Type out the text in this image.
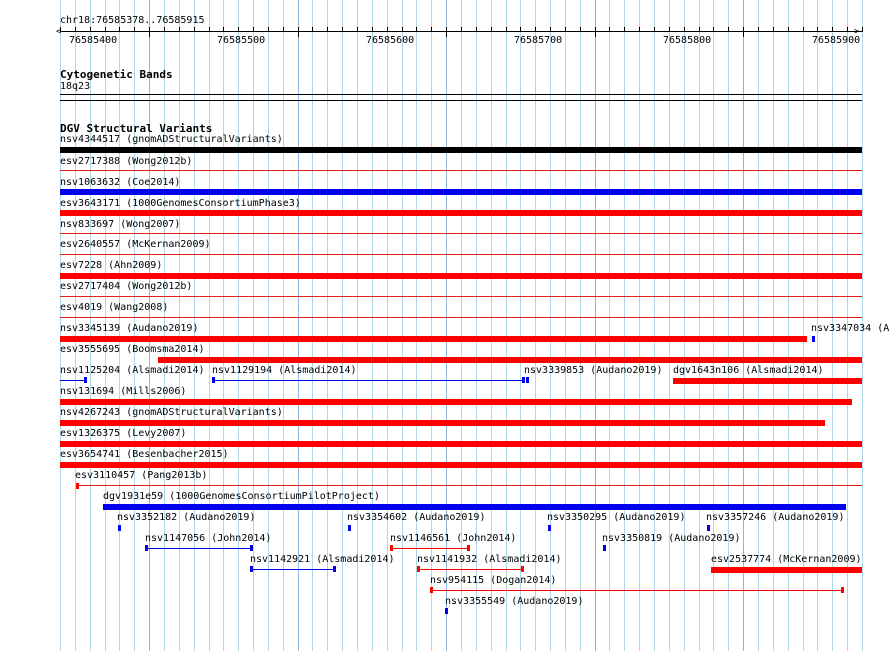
chr18:76585378..76585915
<	>
76585400	76585500	76585600	76585700	76585800	76585900
Cytogenetic Bands
18q23
DGV Structural Variants
nsv4344517 (gnomADStructuralVariants)
esv2717388 (Wong2012b)
nsv1063632 (Coe2014)
esv3643171 (1000GenomesConsortiumPhase3)
nsv833697 (Wong2007)
esv2640557 (McKernan2009)
esv7228 (Ahn2009)
esv2717404 (Wong2012b)
esv4019 (Wang2008)
nsv3345139 (Audano2019)	nsv3347034 (A
esv3555695 (Boomsma2014)
nsv1125204 (Alsmadi2014) nsv1129194 (Alsmadi2014)	nsv3339853 (Audano2019) dgv1643n106 (Alsmadi2014)
nsv131694 (Mills2006)
nsv4267243 (gnomADStructuralVariants)
esv1326375 (Levy2007)
esv3654741 (Besenbacher2015)
esv3110457 (Pang2013b)
dgv1931e59 (1000GenomesConsortiumPilotProject)
nsv3352182 (Audano2019)	nsv3354602 (Audano2019)	nsv3350295 (Audano2019) nsv3357246 (Audano2019)
nsv1147056 (John2014)	nsv1146561 (John2014)	nsv3350819 (Audano2019)
nsv1142921 (Alsmadi2014) nsv1141932 (Alsmadi2014)	esv2537774 (McKernan2009)
nsv954115 (Dogan2014)
nsv3355549 (Audano2019)
